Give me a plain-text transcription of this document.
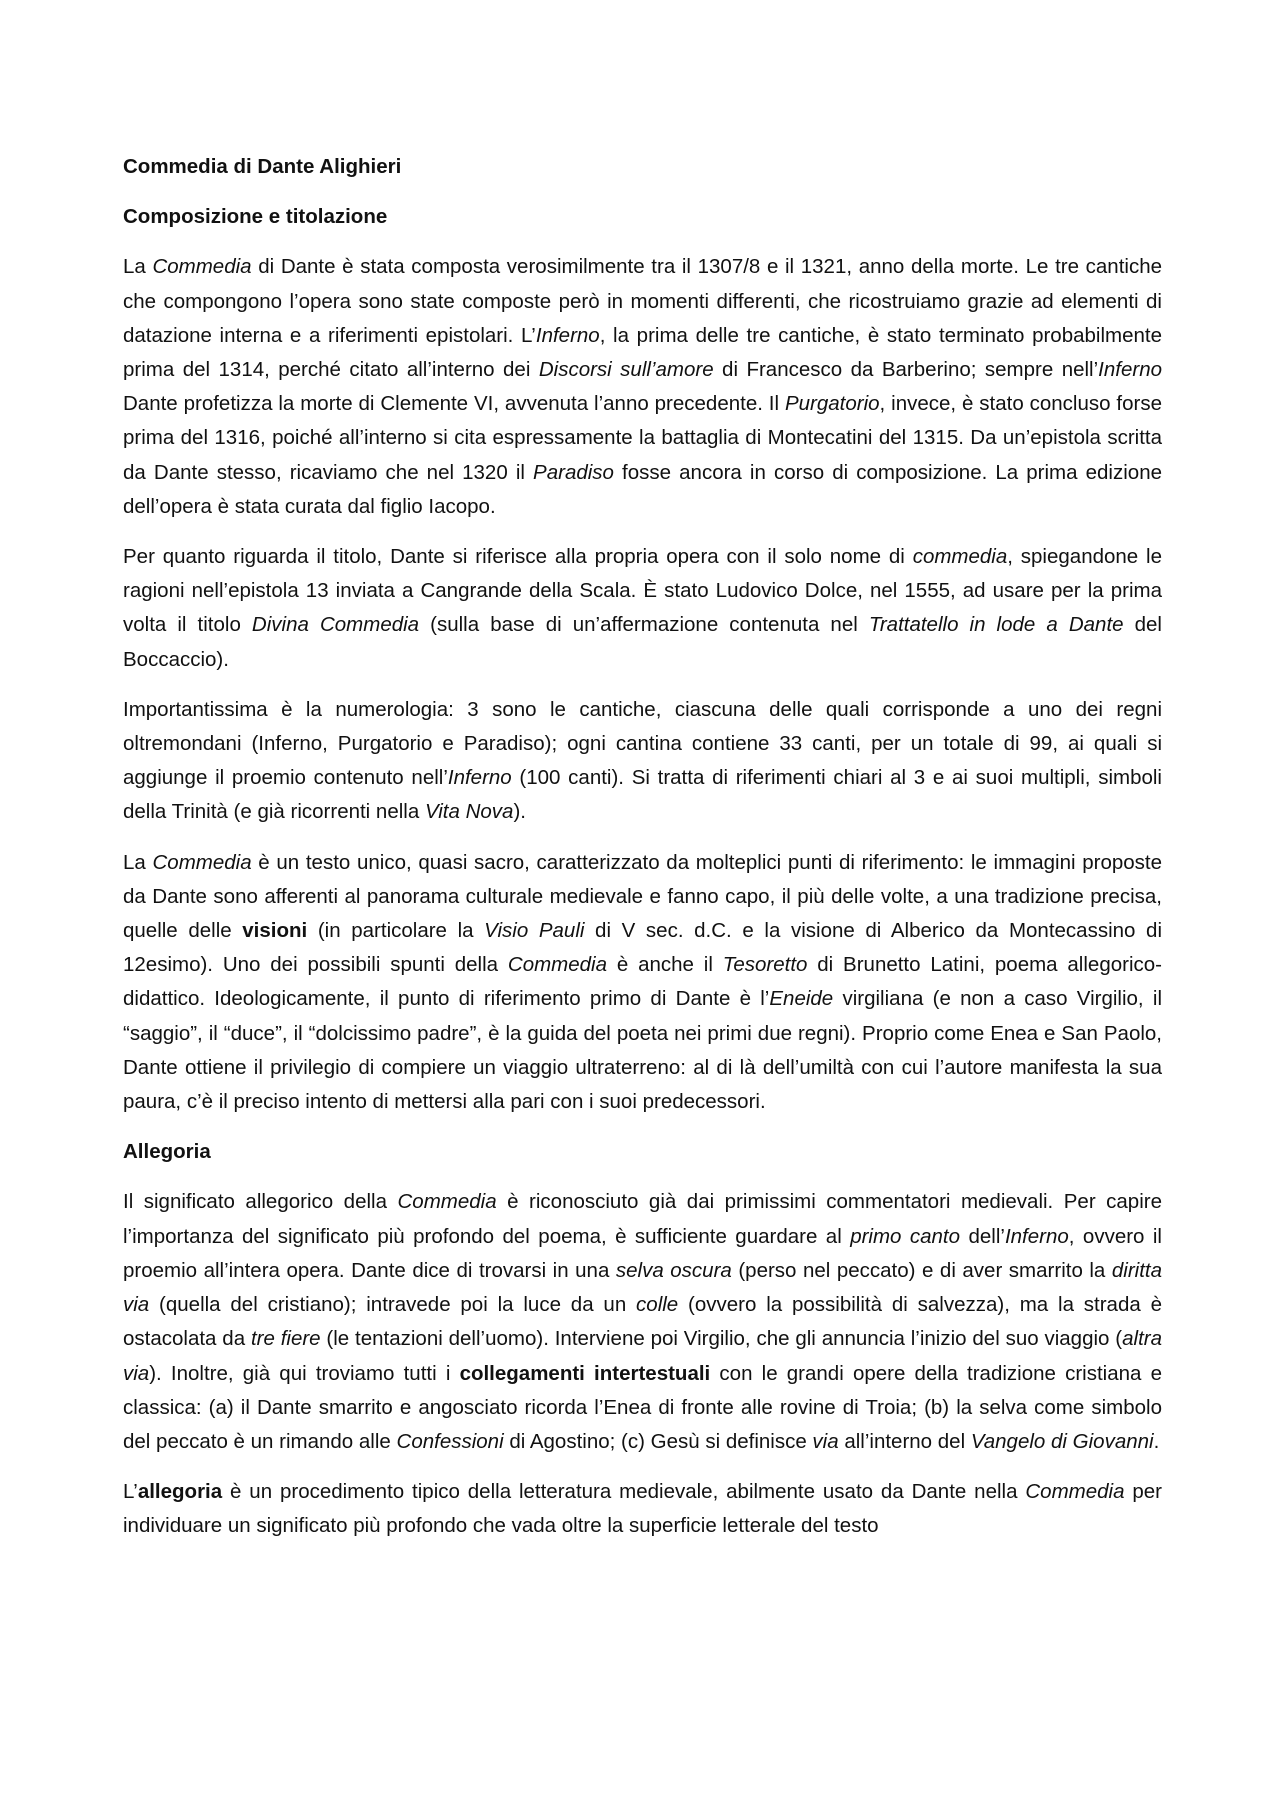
Commedia di Dante Alighieri
Composizione e titolazione
La Commedia di Dante è stata composta verosimilmente tra il 1307/8 e il 1321, anno della morte. Le tre cantiche che compongono l’opera sono state composte però in momenti differenti, che ricostruiamo grazie ad elementi di datazione interna e a riferimenti epistolari. L’Inferno, la prima delle tre cantiche, è stato terminato probabilmente prima del 1314, perché citato all’interno dei Discorsi sull’amore di Francesco da Barberino; sempre nell’Inferno Dante profetizza la morte di Clemente VI, avvenuta l’anno precedente. Il Purgatorio, invece, è stato concluso forse prima del 1316, poiché all’interno si cita espressamente la battaglia di Montecatini del 1315. Da un’epistola scritta da Dante stesso, ricaviamo che nel 1320 il Paradiso fosse ancora in corso di composizione. La prima edizione dell’opera è stata curata dal figlio Iacopo.
Per quanto riguarda il titolo, Dante si riferisce alla propria opera con il solo nome di commedia, spiegandone le ragioni nell’epistola 13 inviata a Cangrande della Scala. È stato Ludovico Dolce, nel 1555, ad usare per la prima volta il titolo Divina Commedia (sulla base di un’affermazione contenuta nel Trattatello in lode a Dante del Boccaccio).
Importantissima è la numerologia: 3 sono le cantiche, ciascuna delle quali corrisponde a uno dei regni oltremondani (Inferno, Purgatorio e Paradiso); ogni cantina contiene 33 canti, per un totale di 99, ai quali si aggiunge il proemio contenuto nell’Inferno (100 canti). Si tratta di riferimenti chiari al 3 e ai suoi multipli, simboli della Trinità (e già ricorrenti nella Vita Nova).
La Commedia è un testo unico, quasi sacro, caratterizzato da molteplici punti di riferimento: le immagini proposte da Dante sono afferenti al panorama culturale medievale e fanno capo, il più delle volte, a una tradizione precisa, quelle delle visioni (in particolare la Visio Pauli di V sec. d.C. e la visione di Alberico da Montecassino di 12esimo). Uno dei possibili spunti della Commedia è anche il Tesoretto di Brunetto Latini, poema allegorico-didattico. Ideologicamente, il punto di riferimento primo di Dante è l’Eneide virgiliana (e non a caso Virgilio, il “saggio”, il “duce”, il “dolcissimo padre”, è la guida del poeta nei primi due regni). Proprio come Enea e San Paolo, Dante ottiene il privilegio di compiere un viaggio ultraterreno: al di là dell’umiltà con cui l’autore manifesta la sua paura, c’è il preciso intento di mettersi alla pari con i suoi predecessori.
Allegoria
Il significato allegorico della Commedia è riconosciuto già dai primissimi commentatori medievali. Per capire l’importanza del significato più profondo del poema, è sufficiente guardare al primo canto dell’Inferno, ovvero il proemio all’intera opera. Dante dice di trovarsi in una selva oscura (perso nel peccato) e di aver smarrito la diritta via (quella del cristiano); intravede poi la luce da un colle (ovvero la possibilità di salvezza), ma la strada è ostacolata da tre fiere (le tentazioni dell’uomo). Interviene poi Virgilio, che gli annuncia l’inizio del suo viaggio (altra via). Inoltre, già qui troviamo tutti i collegamenti intertestuali con le grandi opere della tradizione cristiana e classica: (a) il Dante smarrito e angosciato ricorda l’Enea di fronte alle rovine di Troia; (b) la selva come simbolo del peccato è un rimando alle Confessioni di Agostino; (c) Gesù si definisce via all’interno del Vangelo di Giovanni.
L’allegoria è un procedimento tipico della letteratura medievale, abilmente usato da Dante nella Commedia per individuare un significato più profondo che vada oltre la superficie letterale del testo
